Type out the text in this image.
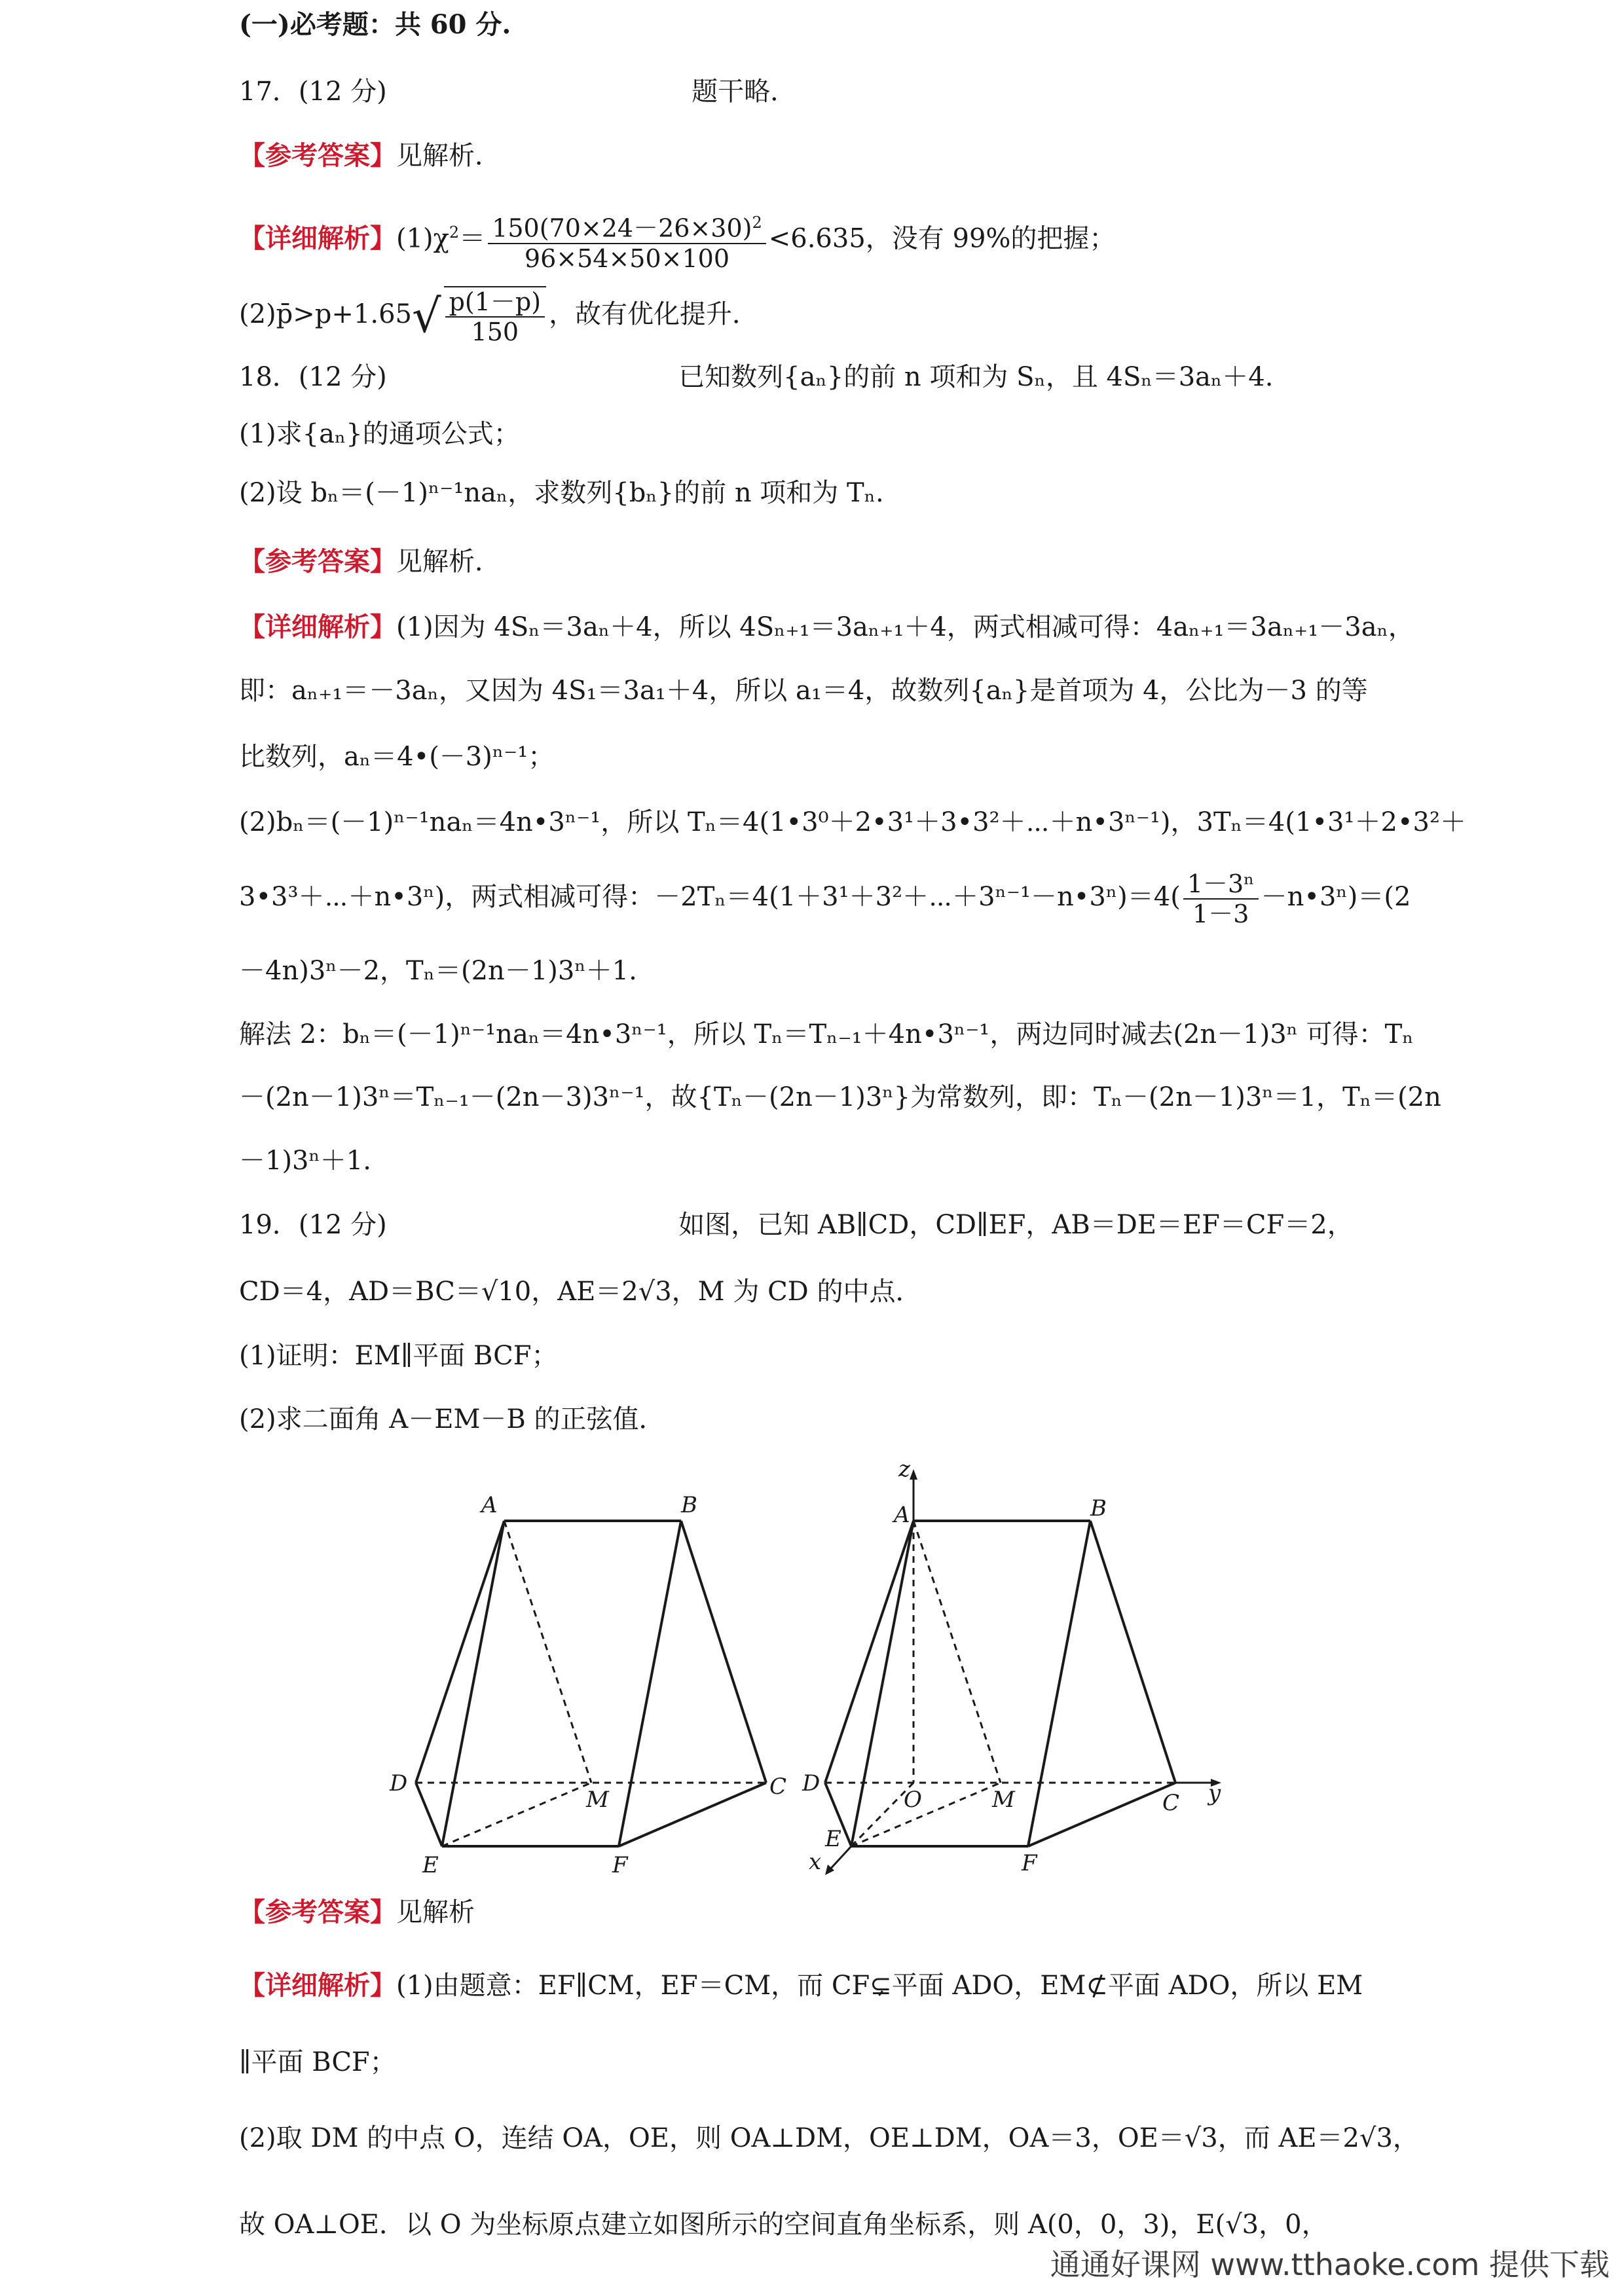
(一)必考题：共 60 分.
17．(12 分)	题干略．
【参考答案】见解析．
【详细解析】$(1)\chi^2= \frac{150(70\times 24-26\times 30)^2}{96\times 54\times 50\times 100} <6.635$，没有 99%的把握；
(2)p̄>p+1.65√ $\frac{p(1-p)}{150}$ ，故有优化提升．
18．(12 分)	已知数列{aₙ}的前 n 项和为 Sₙ，且 4Sₙ＝3aₙ＋4.
(1)求{aₙ}的通项公式；
(2)设 bₙ＝(－1)ⁿ⁻¹naₙ，求数列{bₙ}的前 n 项和为 Tₙ.
【参考答案】见解析．
【详细解析】(1)因为 4Sₙ＝3aₙ＋4，所以 4Sₙ₊₁＝3aₙ₊₁＋4，两式相减可得：4aₙ₊₁＝3aₙ₊₁－3aₙ，
即：aₙ₊₁＝－3aₙ，又因为 4S₁＝3a₁＋4，所以 a₁＝4，故数列{aₙ}是首项为 4，公比为－3 的等
比数列，aₙ＝4•(－3)ⁿ⁻¹；
(2)bₙ＝(－1)ⁿ⁻¹naₙ＝4n•3ⁿ⁻¹，所以 Tₙ＝4(1•3⁰＋2•3¹＋3•3²＋⋯＋n•3ⁿ⁻¹)，3Tₙ＝4(1•3¹＋2•3²＋
3•3³＋⋯＋n•3ⁿ)，两式相减可得：－2Tₙ＝4(1＋3¹＋3²＋⋯＋3ⁿ⁻¹－n•3ⁿ)＝4( $\frac{\text{1－3ⁿ}}{1-3}$ －n•3ⁿ)＝(2
－4n)3ⁿ－2，Tₙ＝(2n－1)3ⁿ＋1.
解法 2：bₙ＝(－1)ⁿ⁻¹naₙ＝4n•3ⁿ⁻¹，所以 Tₙ＝Tₙ₋₁＋4n•3ⁿ⁻¹，两边同时减去(2n－1)3ⁿ 可得：Tₙ
－(2n－1)3ⁿ＝Tₙ₋₁－(2n－3)3ⁿ⁻¹，故{Tₙ－(2n－1)3ⁿ}为常数列，即：Tₙ－(2n－1)3ⁿ＝1，Tₙ＝(2n
－1)3ⁿ＋1.
19．(12 分)	如图，已知 AB∥CD，CD∥EF，AB＝DE＝EF＝CF＝2，
CD＝4，AD＝BC＝√10，AE＝2√3，M 为 CD 的中点．
(1)证明：EM∥平面 BCF；
(2)求二面角 A－EM－B 的正弦值．
A	B
C
D
E	F
M
A	B
C
D
E
F
M
O
x
y
z
【参考答案】见解析
【详细解析】(1)由题意：EF∥CM，EF＝CM，而 CF⊊平面 ADO，EM⊄平面 ADO，所以 EM
∥平面 BCF；
(2)取 DM 的中点 O，连结 OA，OE，则 OA⊥DM，OE⊥DM，OA＝3，OE＝√3，而 AE＝2√3，
故 OA⊥OE．以 O 为坐标原点建立如图所示的空间直角坐标系，则 A(0，0，3)，E(√3，0，
通通好课网 www.tthaoke.com 提供下载
